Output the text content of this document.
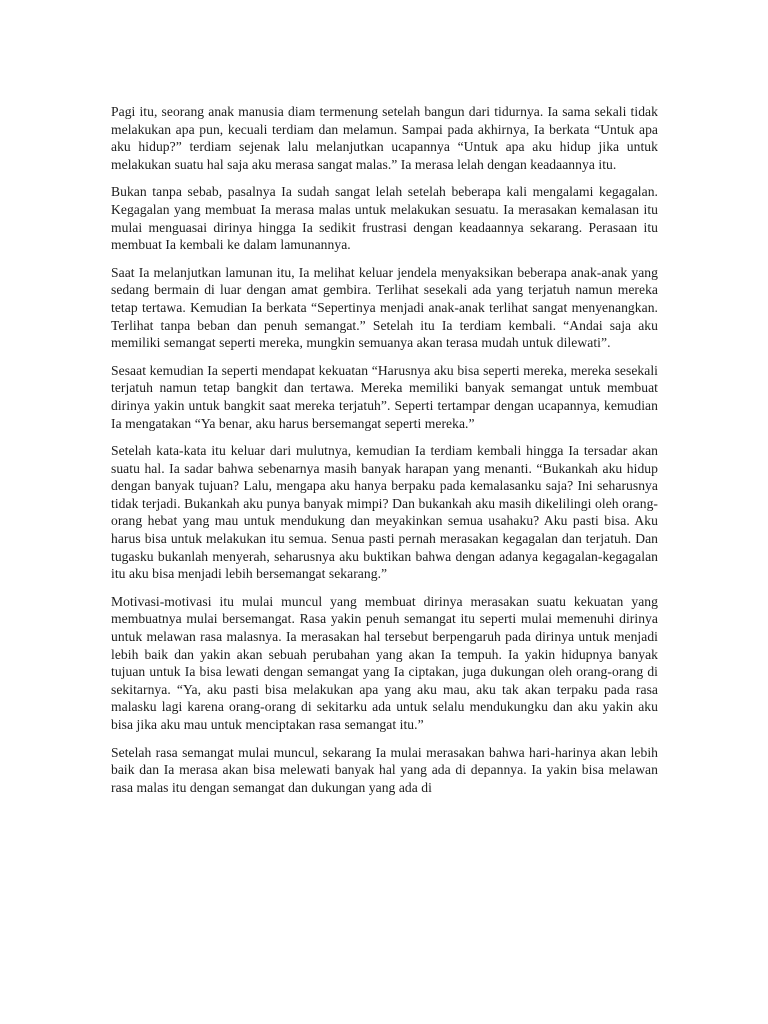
Pagi itu, seorang anak manusia diam termenung setelah bangun dari tidurnya. Ia sama sekali tidak melakukan apa pun, kecuali terdiam dan melamun. Sampai pada akhirnya, Ia berkata “Untuk apa aku hidup?” terdiam sejenak lalu melanjutkan ucapannya “Untuk apa aku hidup jika untuk melakukan suatu hal saja aku merasa sangat malas.” Ia merasa lelah dengan keadaannya itu.

Bukan tanpa sebab, pasalnya Ia sudah sangat lelah setelah beberapa kali mengalami kegagalan. Kegagalan yang membuat Ia merasa malas untuk melakukan sesuatu. Ia merasakan kemalasan itu mulai menguasai dirinya hingga Ia sedikit frustrasi dengan keadaannya sekarang. Perasaan itu membuat Ia kembali ke dalam lamunannya.

Saat Ia melanjutkan lamunan itu, Ia melihat keluar jendela menyaksikan beberapa anak-anak yang sedang bermain di luar dengan amat gembira. Terlihat sesekali ada yang terjatuh namun mereka tetap tertawa. Kemudian Ia berkata “Sepertinya menjadi anak-anak terlihat sangat menyenangkan. Terlihat tanpa beban dan penuh semangat.” Setelah itu Ia terdiam kembali. “Andai saja aku memiliki semangat seperti mereka, mungkin semuanya akan terasa mudah untuk dilewati”.

Sesaat kemudian Ia seperti mendapat kekuatan “Harusnya aku bisa seperti mereka, mereka sesekali terjatuh namun tetap bangkit dan tertawa. Mereka memiliki banyak semangat untuk membuat dirinya yakin untuk bangkit saat mereka terjatuh”. Seperti tertampar dengan ucapannya, kemudian Ia mengatakan “Ya benar, aku harus bersemangat seperti mereka.”

Setelah kata-kata itu keluar dari mulutnya, kemudian Ia terdiam kembali hingga Ia tersadar akan suatu hal. Ia sadar bahwa sebenarnya masih banyak harapan yang menanti. “Bukankah aku hidup dengan banyak tujuan? Lalu, mengapa aku hanya berpaku pada kemalasanku saja? Ini seharusnya tidak terjadi. Bukankah aku punya banyak mimpi? Dan bukankah aku masih dikelilingi oleh orang-orang hebat yang mau untuk mendukung dan meyakinkan semua usahaku? Aku pasti bisa. Aku harus bisa untuk melakukan itu semua. Senua pasti pernah merasakan kegagalan dan terjatuh. Dan tugasku bukanlah menyerah, seharusnya aku buktikan bahwa dengan adanya kegagalan-kegagalan itu aku bisa menjadi lebih bersemangat sekarang.”

Motivasi-motivasi itu mulai muncul yang membuat dirinya merasakan suatu kekuatan yang membuatnya mulai bersemangat. Rasa yakin penuh semangat itu seperti mulai memenuhi dirinya untuk melawan rasa malasnya. Ia merasakan hal tersebut berpengaruh pada dirinya untuk menjadi lebih baik dan yakin akan sebuah perubahan yang akan Ia tempuh. Ia yakin hidupnya banyak tujuan untuk Ia bisa lewati dengan semangat yang Ia ciptakan, juga dukungan oleh orang-orang di sekitarnya. “Ya, aku pasti bisa melakukan apa yang aku mau, aku tak akan terpaku pada rasa malasku lagi karena orang-orang di sekitarku ada untuk selalu mendukungku dan aku yakin aku bisa jika aku mau untuk menciptakan rasa semangat itu.”

Setelah rasa semangat mulai muncul, sekarang Ia mulai merasakan bahwa hari-harinya akan lebih baik dan Ia merasa akan bisa melewati banyak hal yang ada di depannya. Ia yakin bisa melawan rasa malas itu dengan semangat dan dukungan yang ada di
